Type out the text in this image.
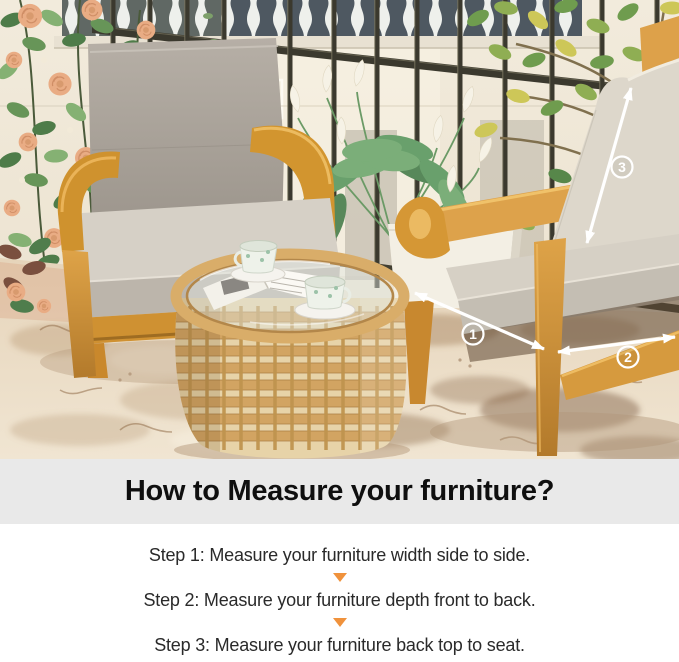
1
2
3
How to Measure your furniture?

Step 1: Measure your furniture width side to side.

Step 2: Measure your furniture depth front to back.

Step 3: Measure your furniture back top to seat.
